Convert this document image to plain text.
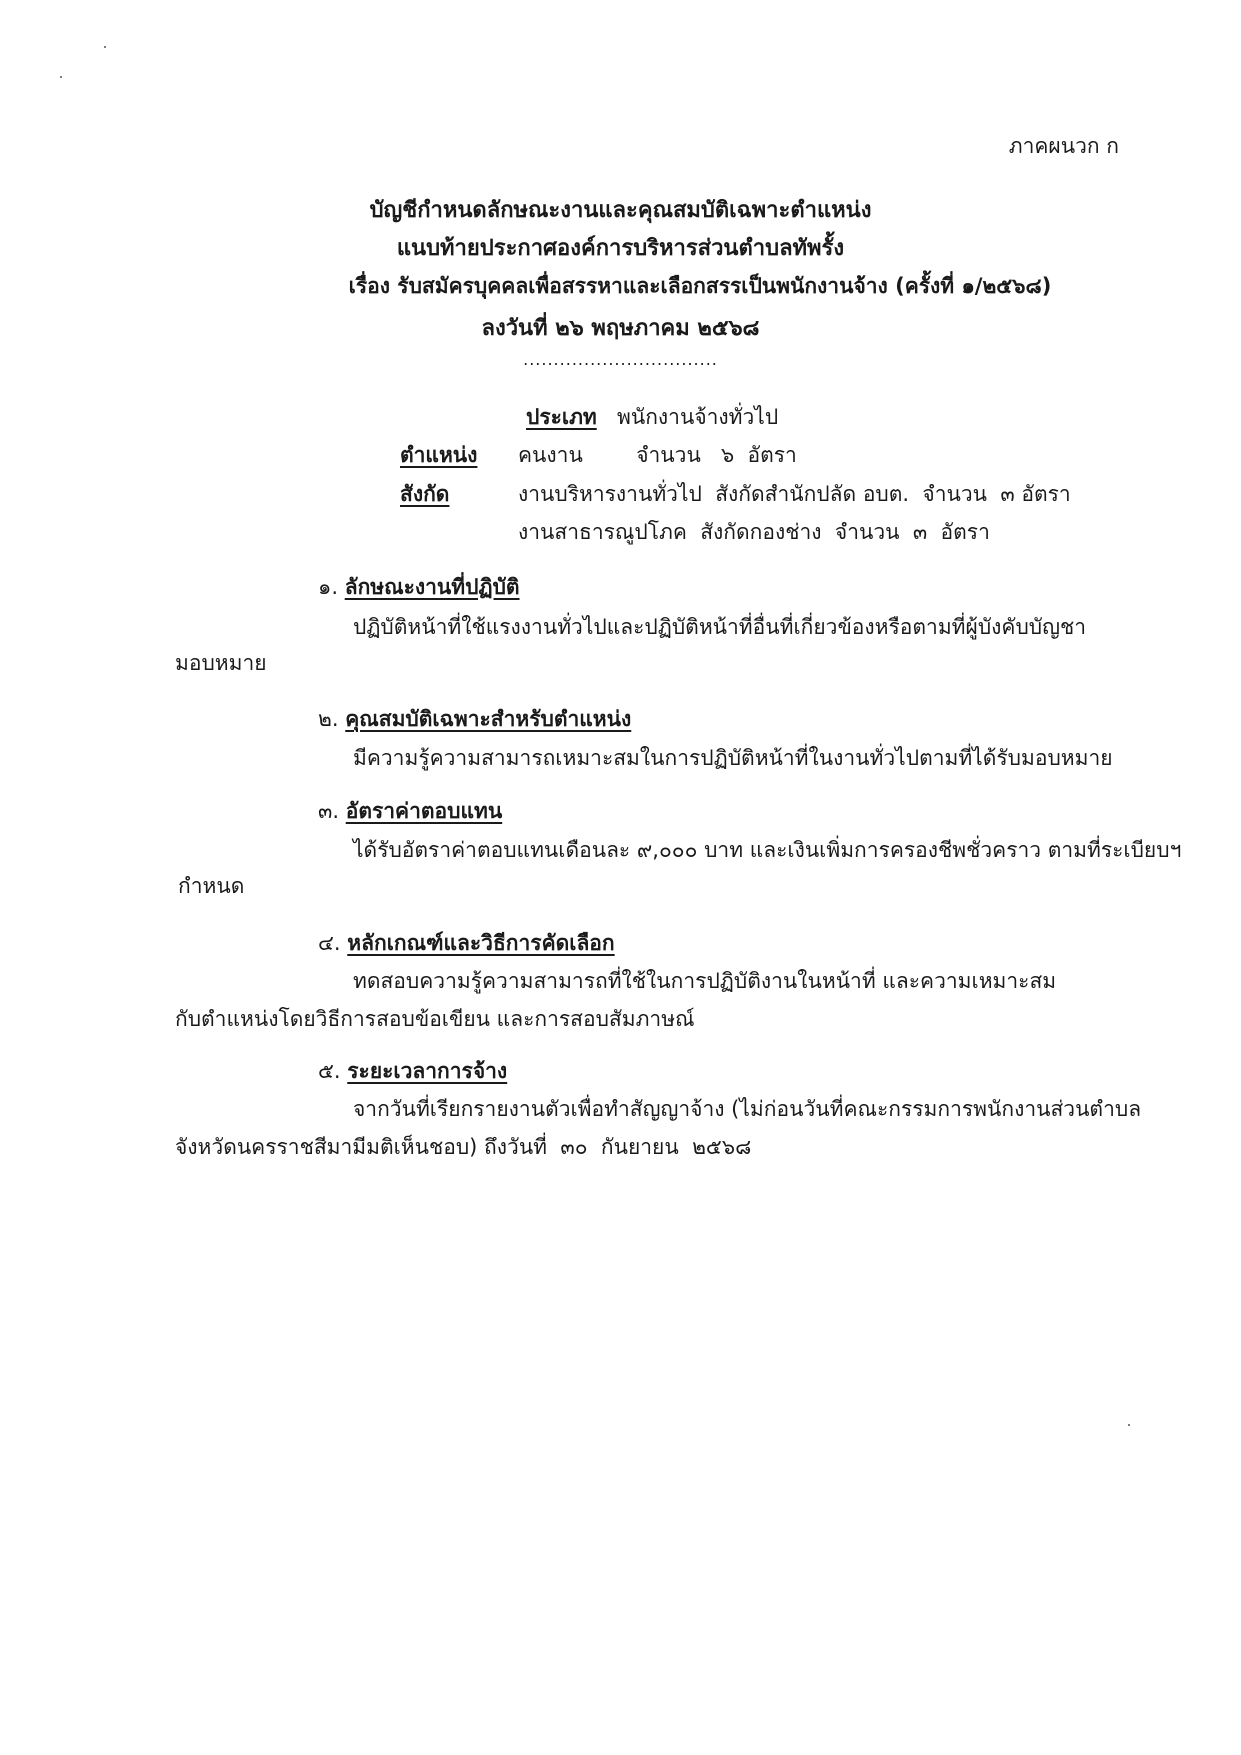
ภาคผนวก ก
บัญชีกำหนดลักษณะงานและคุณสมบัติเฉพาะตำแหน่ง
แนบท้ายประกาศองค์การบริหารส่วนตำบลทัพรั้ง
เรื่อง รับสมัครบุคคลเพื่อสรรหาและเลือกสรรเป็นพนักงานจ้าง (ครั้งที่ ๑/๒๕๖๘)
ลงวันที่ ๒๖ พฤษภาคม ๒๕๖๘
................................
ประเภท พนักงานจ้างทั่วไป
ตำแหน่ง คนงาน        จำนวน   ๖  อัตรา
สังกัด	งานบริหารงานทั่วไป  สังกัดสำนักปลัด อบต.  จำนวน  ๓ อัตรา
งานสาธารณูปโภค  สังกัดกองช่าง  จำนวน  ๓  อัตรา
๑. ลักษณะงานที่ปฏิบัติ
ปฏิบัติหน้าที่ใช้แรงงานทั่วไปและปฏิบัติหน้าที่อื่นที่เกี่ยวข้องหรือตามที่ผู้บังคับบัญชา
มอบหมาย
๒. คุณสมบัติเฉพาะสำหรับตำแหน่ง
มีความรู้ความสามารถเหมาะสมในการปฏิบัติหน้าที่ในงานทั่วไปตามที่ได้รับมอบหมาย
๓. อัตราค่าตอบแทน
ได้รับอัตราค่าตอบแทนเดือนละ ๙,๐๐๐ บาท และเงินเพิ่มการครองชีพชั่วคราว ตามที่ระเบียบฯ
กำหนด
๔. หลักเกณฑ์และวิธีการคัดเลือก
ทดสอบความรู้ความสามารถที่ใช้ในการปฏิบัติงานในหน้าที่ และความเหมาะสม
กับตำแหน่งโดยวิธีการสอบข้อเขียน และการสอบสัมภาษณ์
๕. ระยะเวลาการจ้าง
จากวันที่เรียกรายงานตัวเพื่อทำสัญญาจ้าง (ไม่ก่อนวันที่คณะกรรมการพนักงานส่วนตำบล
จังหวัดนครราชสีมามีมติเห็นชอบ) ถึงวันที่  ๓๐  กันยายน  ๒๕๖๘
